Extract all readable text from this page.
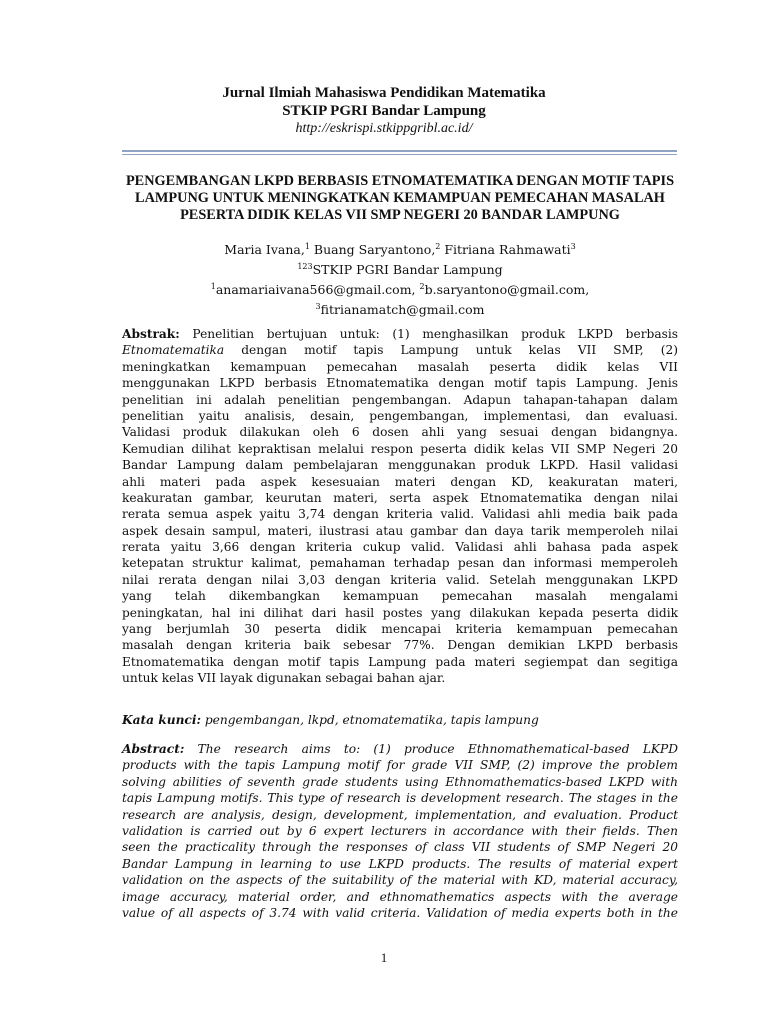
Jurnal Ilmiah Mahasiswa Pendidikan Matematika
STKIP PGRI Bandar Lampung
http://eskrispi.stkippgribl.ac.id/
PENGEMBANGAN LKPD BERBASIS ETNOMATEMATIKA DENGAN MOTIF TAPIS
LAMPUNG UNTUK MENINGKATKAN KEMAMPUAN PEMECAHAN MASALAH
PESERTA DIDIK KELAS VII SMP NEGERI 20 BANDAR LAMPUNG
Maria Ivana,$^1$ Buang Saryantono,$^2$ Fitriana Rahmawati$^3$
$^{123}$STKIP PGRI Bandar Lampung
$^1$anamariaivana566@gmail.com, $^2$b.saryantono@gmail.com,
$^3$fitrianamatch@gmail.com
Abstrak: Penelitian bertujuan untuk: (1) menghasilkan produk LKPD berbasis
Etnomatematika dengan motif tapis Lampung untuk kelas VII SMP, (2)
meningkatkan kemampuan pemecahan masalah peserta didik kelas VII
menggunakan LKPD berbasis Etnomatematika dengan motif tapis Lampung. Jenis
penelitian ini adalah penelitian pengembangan. Adapun tahapan-tahapan dalam
penelitian yaitu analisis, desain, pengembangan, implementasi, dan evaluasi.
Validasi produk dilakukan oleh 6 dosen ahli yang sesuai dengan bidangnya.
Kemudian dilihat kepraktisan melalui respon peserta didik kelas VII SMP Negeri 20
Bandar Lampung dalam pembelajaran menggunakan produk LKPD. Hasil validasi
ahli materi pada aspek kesesuaian materi dengan KD, keakuratan materi,
keakuratan gambar, keurutan materi, serta aspek Etnomatematika dengan nilai
rerata semua aspek yaitu 3,74 dengan kriteria valid. Validasi ahli media baik pada
aspek desain sampul, materi, ilustrasi atau gambar dan daya tarik memperoleh nilai
rerata yaitu 3,66 dengan kriteria cukup valid. Validasi ahli bahasa pada aspek
ketepatan struktur kalimat, pemahaman terhadap pesan dan informasi memperoleh
nilai rerata dengan nilai 3,03 dengan kriteria valid. Setelah menggunakan LKPD
yang telah dikembangkan kemampuan pemecahan masalah mengalami
peningkatan, hal ini dilihat dari hasil postes yang dilakukan kepada peserta didik
yang berjumlah 30 peserta didik mencapai kriteria kemampuan pemecahan
masalah dengan kriteria baik sebesar 77%. Dengan demikian LKPD berbasis
Etnomatematika dengan motif tapis Lampung pada materi segiempat dan segitiga
untuk kelas VII layak digunakan sebagai bahan ajar.
Kata kunci: pengembangan, lkpd, etnomatematika, tapis lampung
Abstract: The research aims to: (1) produce Ethnomathematical-based LKPD
products with the tapis Lampung motif for grade VII SMP, (2) improve the problem
solving abilities of seventh grade students using Ethnomathematics-based LKPD with
tapis Lampung motifs. This type of research is development research. The stages in the
research are analysis, design, development, implementation, and evaluation. Product
validation is carried out by 6 expert lecturers in accordance with their fields. Then
seen the practicality through the responses of class VII students of SMP Negeri 20
Bandar Lampung in learning to use LKPD products. The results of material expert
validation on the aspects of the suitability of the material with KD, material accuracy,
image accuracy, material order, and ethnomathematics aspects with the average
value of all aspects of 3.74 with valid criteria. Validation of media experts both in the
1
